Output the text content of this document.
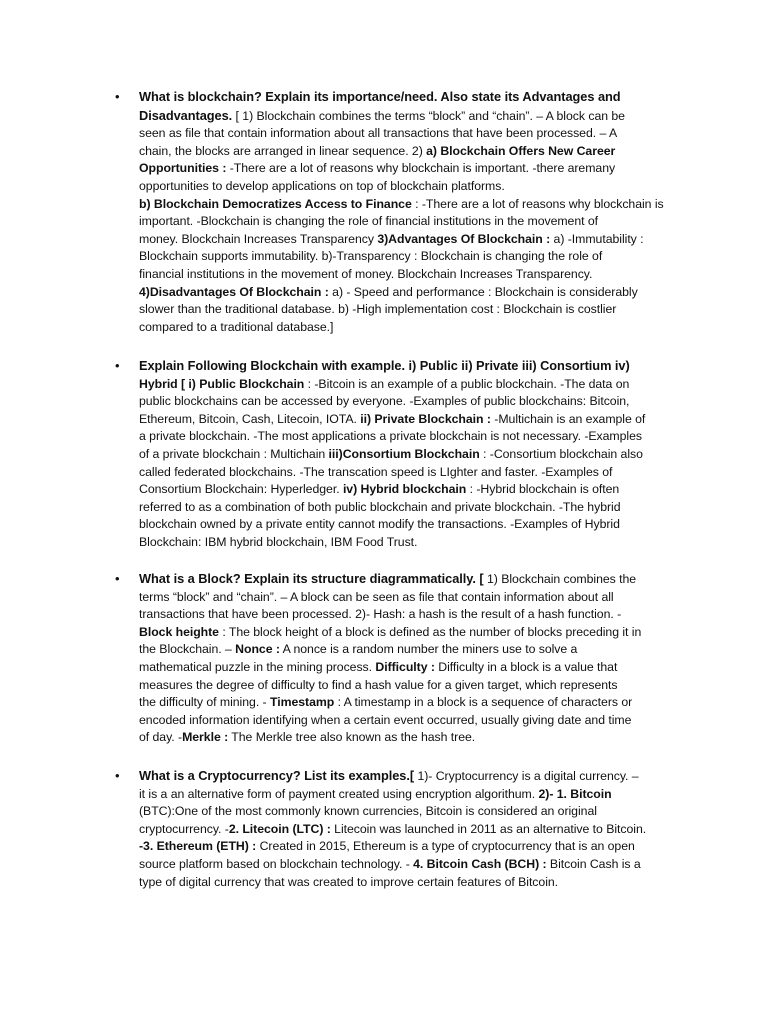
• What is blockchain? Explain its importance/need. Also state its Advantages and
Disadvantages. [ 1) Blockchain combines the terms “block” and “chain”. – A block can be
seen as file that contain information about all transactions that have been processed. – A
chain, the blocks are arranged in linear sequence. 2) a) Blockchain Offers New Career
Opportunities : -There are a lot of reasons why blockchain is important. -there aremany
opportunities to develop applications on top of blockchain platforms.
b) Blockchain Democratizes Access to Finance : -There are a lot of reasons why blockchain is
important. -Blockchain is changing the role of financial institutions in the movement of
money. Blockchain Increases Transparency 3)Advantages Of Blockchain : a) -Immutability :
Blockchain supports immutability. b)-Transparency : Blockchain is changing the role of
financial institutions in the movement of money. Blockchain Increases Transparency.
4)Disadvantages Of Blockchain : a) - Speed and performance : Blockchain is considerably
slower than the traditional database. b) -High implementation cost : Blockchain is costlier
compared to a traditional database.]
• Explain Following Blockchain with example. i) Public ii) Private iii) Consortium iv)
Hybrid [ i) Public Blockchain : -Bitcoin is an example of a public blockchain. -The data on
public blockchains can be accessed by everyone. -Examples of public blockchains: Bitcoin,
Ethereum, Bitcoin, Cash, Litecoin, IOTA. ii) Private Blockchain : -Multichain is an example of
a private blockchain. -The most applications a private blockchain is not necessary. -Examples
of a private blockchain : Multichain iii)Consortium Blockchain : -Consortium blockchain also
called federated blockchains. -The transcation speed is LIghter and faster. -Examples of
Consortium Blockchain: Hyperledger. iv) Hybrid blockchain : -Hybrid blockchain is often
referred to as a combination of both public blockchain and private blockchain. -The hybrid
blockchain owned by a private entity cannot modify the transactions. -Examples of Hybrid
Blockchain: IBM hybrid blockchain, IBM Food Trust.
• What is a Block? Explain its structure diagrammatically. [ 1) Blockchain combines the
terms “block” and “chain”. – A block can be seen as file that contain information about all
transactions that have been processed. 2)- Hash: a hash is the result of a hash function. -
Block heighte : The block height of a block is defined as the number of blocks preceding it in
the Blockchain. – Nonce : A nonce is a random number the miners use to solve a
mathematical puzzle in the mining process. Difficulty : Difficulty in a block is a value that
measures the degree of difficulty to find a hash value for a given target, which represents
the difficulty of mining. - Timestamp : A timestamp in a block is a sequence of characters or
encoded information identifying when a certain event occurred, usually giving date and time
of day. -Merkle : The Merkle tree also known as the hash tree.
• What is a Cryptocurrency? List its examples.[ 1)- Cryptocurrency is a digital currency. –
it is a an alternative form of payment created using encryption algorithum. 2)- 1. Bitcoin
(BTC):One of the most commonly known currencies, Bitcoin is considered an original
cryptocurrency. -2. Litecoin (LTC) : Litecoin was launched in 2011 as an alternative to Bitcoin.
-3. Ethereum (ETH) : Created in 2015, Ethereum is a type of cryptocurrency that is an open
source platform based on blockchain technology. - 4. Bitcoin Cash (BCH) : Bitcoin Cash is a
type of digital currency that was created to improve certain features of Bitcoin.
